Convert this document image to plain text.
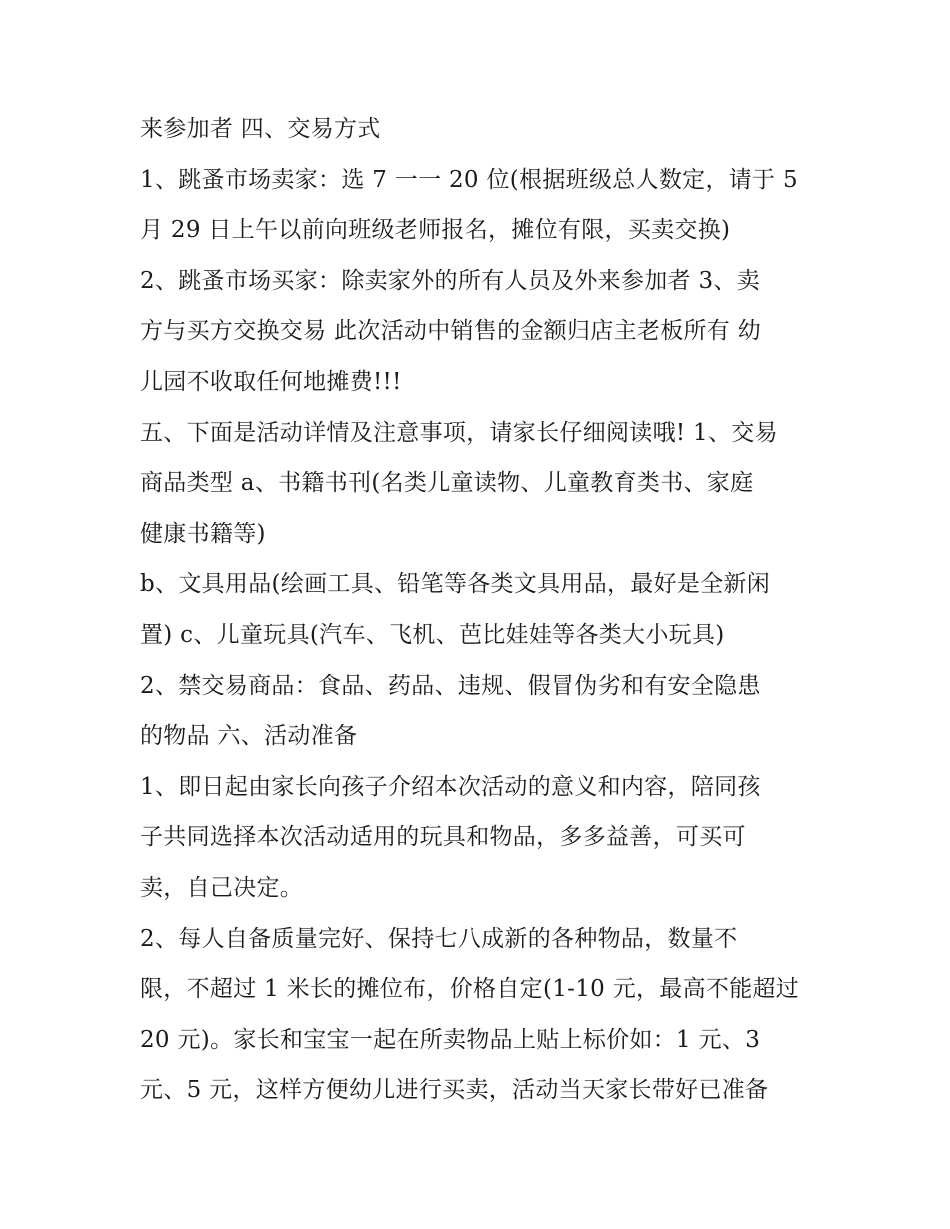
来参加者 四、交易方式
1、跳蚤市场卖家：选 7 一一 20 位(根据班级总人数定，请于 5
月 29 日上午以前向班级老师报名，摊位有限，买卖交换)
2、跳蚤市场买家：除卖家外的所有人员及外来参加者 3、卖
方与买方交换交易 此次活动中销售的金额归店主老板所有 幼
儿园不收取任何地摊费!!!
五、下面是活动详情及注意事项，请家长仔细阅读哦! 1、交易
商品类型 a、书籍书刊(名类儿童读物、儿童教育类书、家庭
健康书籍等)
b、文具用品(绘画工具、铅笔等各类文具用品，最好是全新闲
置) c、儿童玩具(汽车、飞机、芭比娃娃等各类大小玩具)
2、禁交易商品：食品、药品、违规、假冒伪劣和有安全隐患
的物品 六、活动准备
1、即日起由家长向孩子介绍本次活动的意义和内容，陪同孩
子共同选择本次活动适用的玩具和物品，多多益善，可买可
卖，自己决定。
2、每人自备质量完好、保持七八成新的各种物品，数量不
限，不超过 1 米长的摊位布，价格自定(1-10 元，最高不能超过
20 元)。家长和宝宝一起在所卖物品上贴上标价如：1 元、3
元、5 元，这样方便幼儿进行买卖，活动当天家长带好已准备
